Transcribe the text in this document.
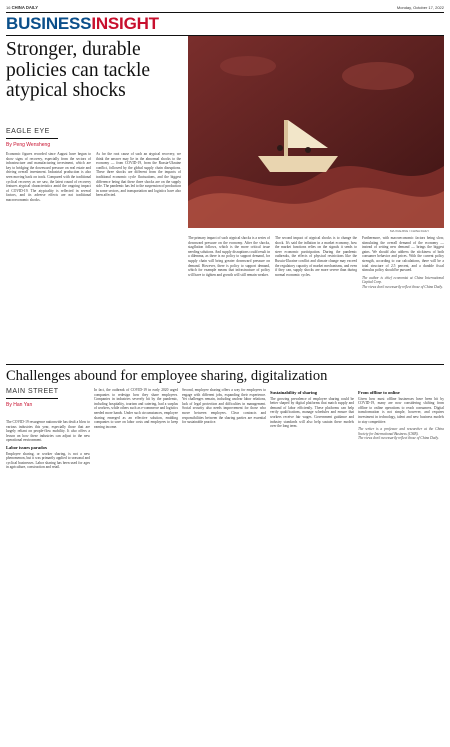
16 CHINA DAILY	Monday, October 17, 2022
BUSINESSINSIGHT
Stronger, durable policies can tackle atypical shocks
MA XUEJING / CHINA DAILY
EAGLE EYE
By Peng Wensheng
Economic figures recorded since August have begun to show signs of recovery, especially from the sectors of infrastructure and manufacturing investment, which are key to bridging the downward pressure on real estate and driving overall investment. Industrial production is also seen moving back on track. Compared with the traditional cyclical recovery as we saw, the latest round of recovery features atypical characteristics amid the ongoing impact of COVID-19. The atypicality is reflected in several factors, and its adverse effects are not traditional macroeconomic shocks.
As for the root cause of such an atypical recovery, we think the answer may lie in the abnormal shocks to the economy — from COVID-19, from the Russia-Ukraine conflict, followed by the global supply chain disruptions. These three shocks are different from the impacts of traditional economic cycle fluctuations, and the biggest difference being that these three shocks are on the supply side. The pandemic has led to the suspension of production in some sectors, and transportation and logistics have also been affected.
The primary impact of such atypical shocks is a series of downward pressure on the economy. After the shocks, stagflation follows, which is the more critical issue needing solutions. And supply disruptions could result in a dilemma, as there is no policy to support demand, for supply chain will bring greater downward pressure on demand. However, there is policy to support demand, which for example means that infrastructure of policy will have to tighten and growth will still remain weaker.
The second impact of atypical shocks is to change the shock. It's said the inflation in a market economy, how the market functions relies on the signals it sends to steer economic participation. During the pandemic outbreaks, the effects of physical restrictions like the Russia-Ukraine conflict and climate change may exceed the regulatory capacity of market mechanisms, and even if they can, supply shocks are more severe than during normal economic cycles.
Furthermore, with macroeconomic factors being slow, stimulating the overall demand of the economy — instead of setting new demand — brings the biggest gains. We should also address the stickiness of both consumer behavior and prices. With the current policy strength, according to our calculations, there will be a total structure of 2.5 percent, and a durable fiscal stimulus policy should be pursued.
The author is chief economist at China International Capital Corp.
The views don't necessarily reflect those of China Daily.
Challenges abound for employee sharing, digitalization
MAIN STREET
By Han Yan
The COVID-19 resurgence nationwide has dealt a blow to various industries this year, especially those that are largely reliant on people-flow mobility. It also offers a lesson on how these industries can adjust to the new operational environment.
Labor issues paradox
Employee sharing, or worker sharing, is not a new phenomenon, but it was primarily applied to seasonal and cyclical businesses. Labor sharing has been used for ages in agriculture, construction and retail.
In fact, the outbreak of COVID-19 in early 2020 urged companies to redesign how they share employees. Companies in industries severely hit by the pandemic, including hospitality, tourism and catering, had a surplus of workers, while others such as e-commerce and logistics needed more hands. Under such circumstances, employee sharing emerged as an effective solution, enabling companies to save on labor costs and employees to keep earning income.
Second, employee sharing offers a way for employees to engage with different jobs, expanding their experience. Yet challenges remain, including unclear labor relations, lack of legal protection and difficulties in management. Social security also needs improvement for those who move between employers. Clear contracts and responsibilities between the sharing parties are essential for sustainable practice.
Sustainability of sharing
The growing prevalence of employee sharing could be better shaped by digital platforms that match supply and demand of labor efficiently. These platforms can help verify qualifications, manage schedules and ensure that workers receive fair wages. Government guidance and industry standards will also help sustain these models over the long term.
From offline to online
Given how most offline businesses have been hit by COVID-19, many are now considering shifting from offline to online operations to reach consumers. Digital transformation is not simple, however, and requires investment in technology, talent and new business models to stay competitive.
The writer is a professor and researcher at the China Society for International Business (CSIB).
The views don't necessarily reflect those of China Daily.
